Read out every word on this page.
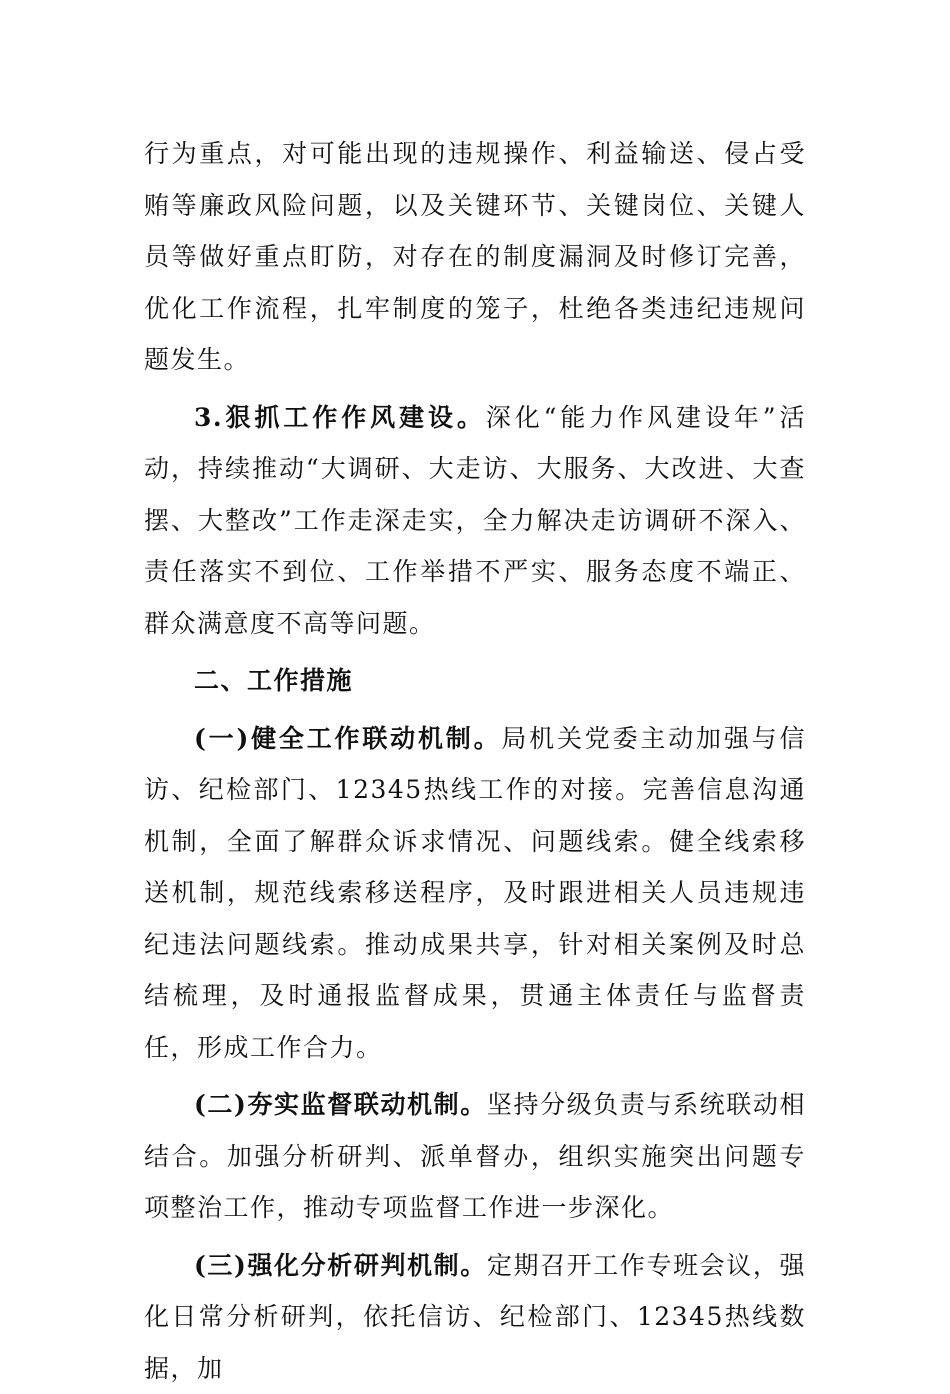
行为重点，对可能出现的违规操作、利益输送、侵占受贿等廉政风险问题，以及关键环节、关键岗位、关键人员等做好重点盯防，对存在的制度漏洞及时修订完善，优化工作流程，扎牢制度的笼子，杜绝各类违纪违规问题发生。

3.狠抓工作作风建设。深化“能力作风建设年”活动，持续推动“大调研、大走访、大服务、大改进、大查摆、大整改”工作走深走实，全力解决走访调研不深入、责任落实不到位、工作举措不严实、服务态度不端正、群众满意度不高等问题。

二、工作措施

(一)健全工作联动机制。局机关党委主动加强与信访、纪检部门、12345热线工作的对接。完善信息沟通机制，全面了解群众诉求情况、问题线索。健全线索移送机制，规范线索移送程序，及时跟进相关人员违规违纪违法问题线索。推动成果共享，针对相关案例及时总结梳理，及时通报监督成果，贯通主体责任与监督责任，形成工作合力。

(二)夯实监督联动机制。坚持分级负责与系统联动相结合。加强分析研判、派单督办，组织实施突出问题专项整治工作，推动专项监督工作进一步深化。

(三)强化分析研判机制。定期召开工作专班会议，强化日常分析研判，依托信访、纪检部门、12345热线数据，加
